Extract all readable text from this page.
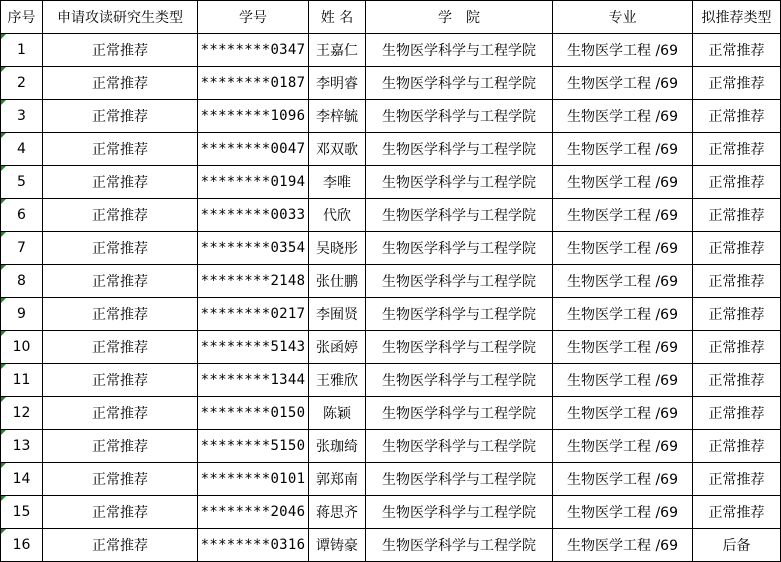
序号	申请攻读研究生类型	学号	姓 名	学　院	专业	拟推荐类型

1	正常推荐	********0347	王嘉仁	生物医学科学与工程学院	生物医学工程 /69	正常推荐

2	正常推荐	********0187	李明睿	生物医学科学与工程学院	生物医学工程 /69	正常推荐

3	正常推荐	********1096	李梓毓	生物医学科学与工程学院	生物医学工程 /69	正常推荐

4	正常推荐	********0047	邓双歌	生物医学科学与工程学院	生物医学工程 /69	正常推荐

5	正常推荐	********0194	李唯	生物医学科学与工程学院	生物医学工程 /69	正常推荐

6	正常推荐	********0033	代欣	生物医学科学与工程学院	生物医学工程 /69	正常推荐

7	正常推荐	********0354	吴晓彤	生物医学科学与工程学院	生物医学工程 /69	正常推荐

8	正常推荐	********2148	张仕鹏	生物医学科学与工程学院	生物医学工程 /69	正常推荐

9	正常推荐	********0217	李囿贤	生物医学科学与工程学院	生物医学工程 /69	正常推荐

10	正常推荐	********5143	张函婷	生物医学科学与工程学院	生物医学工程 /69	正常推荐

11	正常推荐	********1344	王雅欣	生物医学科学与工程学院	生物医学工程 /69	正常推荐

12	正常推荐	********0150	陈颖	生物医学科学与工程学院	生物医学工程 /69	正常推荐

13	正常推荐	********5150	张珈绮	生物医学科学与工程学院	生物医学工程 /69	正常推荐

14	正常推荐	********0101	郭郑南	生物医学科学与工程学院	生物医学工程 /69	正常推荐

15	正常推荐	********2046	蒋思齐	生物医学科学与工程学院	生物医学工程 /69	正常推荐

16	正常推荐	********0316	谭铸豪	生物医学科学与工程学院	生物医学工程 /69	后备
